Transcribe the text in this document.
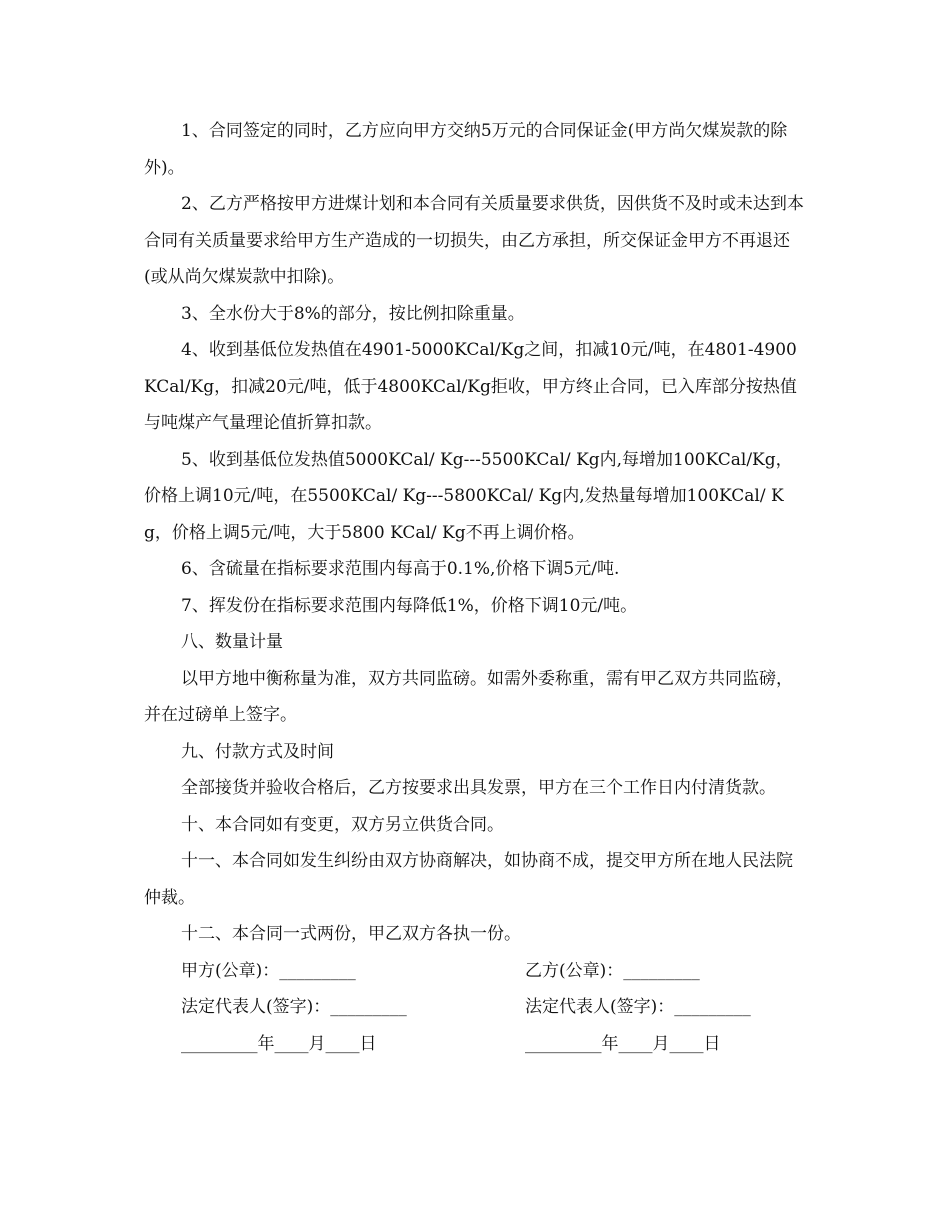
1、合同签定的同时，乙方应向甲方交纳5万元的合同保证金(甲方尚欠煤炭款的除外)。

2、乙方严格按甲方进煤计划和本合同有关质量要求供货，因供货不及时或未达到本合同有关质量要求给甲方生产造成的一切损失，由乙方承担，所交保证金甲方不再退还(或从尚欠煤炭款中扣除)。

3、全水份大于8%的部分，按比例扣除重量。

4、收到基低位发热值在4901-5000KCal/Kg之间，扣减10元/吨，在4801-4900KCal/Kg，扣减20元/吨，低于4800KCal/Kg拒收，甲方终止合同，已入库部分按热值与吨煤产气量理论值折算扣款。

5、收到基低位发热值5000KCal/ Kg---5500KCal/ Kg内,每增加100KCal/Kg，价格上调10元/吨，在5500KCal/ Kg---5800KCal/ Kg内,发热量每增加100KCal/ Kg，价格上调5元/吨，大于5800 KCal/ Kg不再上调价格。

6、含硫量在指标要求范围内每高于0.1%,价格下调5元/吨.

7、挥发份在指标要求范围内每降低1%，价格下调10元/吨。

八、数量计量

以甲方地中衡称量为准，双方共同监磅。如需外委称重，需有甲乙双方共同监磅，并在过磅单上签字。

九、付款方式及时间

全部接货并验收合格后，乙方按要求出具发票，甲方在三个工作日内付清货款。

十、本合同如有变更，双方另立供货合同。

十一、本合同如发生纠纷由双方协商解决，如协商不成，提交甲方所在地人民法院仲裁。

十二、本合同一式两份，甲乙双方各执一份。

甲方(公章)：_________	乙方(公章)：_________
法定代表人(签字)：_________	法定代表人(签字)：_________
_________年____月____日	_________年____月____日
